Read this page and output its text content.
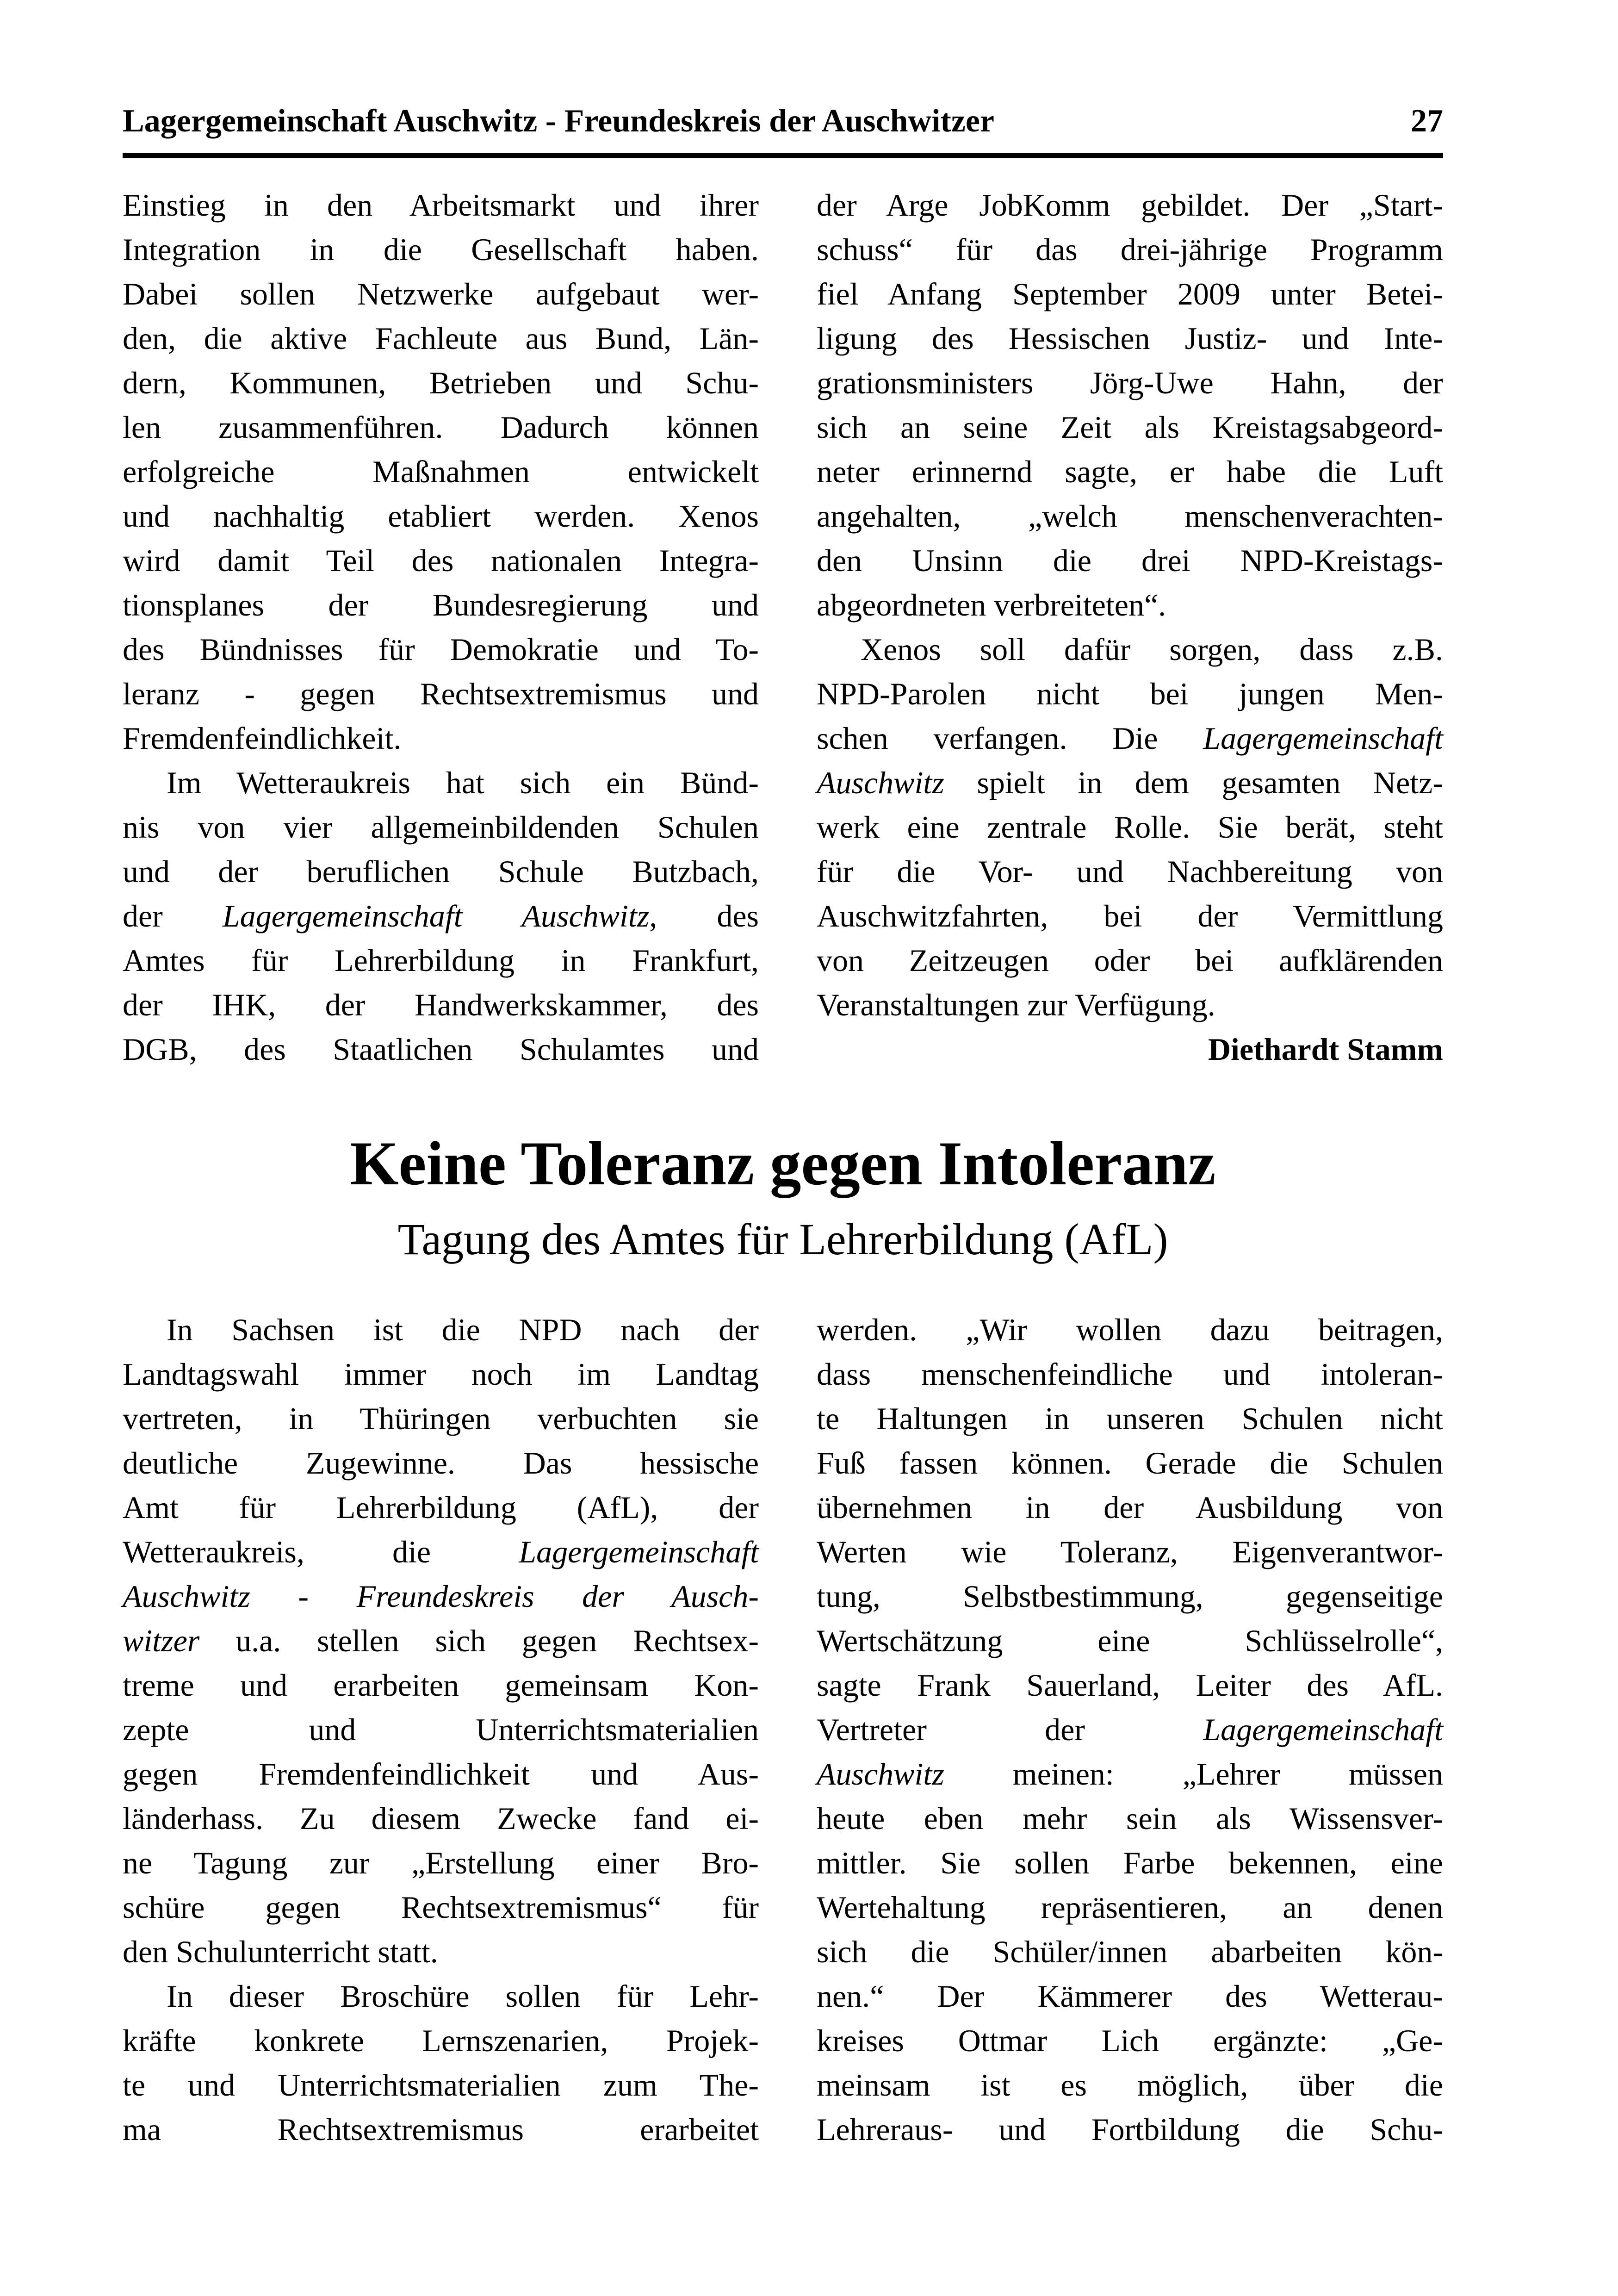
Lagergemeinschaft Auschwitz - Freundeskreis der Auschwitzer	27
Einstieg in den Arbeitsmarkt und ihrer
Integration in die Gesellschaft haben.
Dabei sollen Netzwerke aufgebaut wer-
den, die aktive Fachleute aus Bund, Län-
dern, Kommunen, Betrieben und Schu-
len zusammenführen. Dadurch können
erfolgreiche Maßnahmen entwickelt
und nachhaltig etabliert werden. Xenos
wird damit Teil des nationalen Integra-
tionsplanes der Bundesregierung und
des Bündnisses für Demokratie und To-
leranz - gegen Rechtsextremismus und
Fremdenfeindlichkeit.
Im Wetteraukreis hat sich ein Bünd-
nis von vier allgemeinbildenden Schulen
und der beruflichen Schule Butzbach,
der Lagergemeinschaft Auschwitz, des
Amtes für Lehrerbildung in Frankfurt,
der IHK, der Handwerkskammer, des
DGB, des Staatlichen Schulamtes und
der Arge JobKomm gebildet. Der „Start-
schuss“ für das drei-jährige Programm
fiel Anfang September 2009 unter Betei-
ligung des Hessischen Justiz- und Inte-
grationsministers Jörg-Uwe Hahn, der
sich an seine Zeit als Kreistagsabgeord-
neter erinnernd sagte, er habe die Luft
angehalten, „welch menschenverachten-
den Unsinn die drei NPD-Kreistags-
abgeordneten verbreiteten“.
Xenos soll dafür sorgen, dass z.B.
NPD-Parolen nicht bei jungen Men-
schen verfangen. Die Lagergemeinschaft
Auschwitz spielt in dem gesamten Netz-
werk eine zentrale Rolle. Sie berät, steht
für die Vor- und Nachbereitung von
Auschwitzfahrten, bei der Vermittlung
von Zeitzeugen oder bei aufklärenden
Veranstaltungen zur Verfügung.
Diethardt Stamm
Keine Toleranz gegen Intoleranz
Tagung des Amtes für Lehrerbildung (AfL)
In Sachsen ist die NPD nach der
Landtagswahl immer noch im Landtag
vertreten, in Thüringen verbuchten sie
deutliche Zugewinne. Das hessische
Amt für Lehrerbildung (AfL), der
Wetteraukreis, die Lagergemeinschaft
Auschwitz - Freundeskreis der Ausch-
witzer u.a. stellen sich gegen Rechtsex-
treme und erarbeiten gemeinsam Kon-
zepte und Unterrichtsmaterialien
gegen Fremdenfeindlichkeit und Aus-
länderhass. Zu diesem Zwecke fand ei-
ne Tagung zur „Erstellung einer Bro-
schüre gegen Rechtsextremismus“ für
den Schulunterricht statt.
In dieser Broschüre sollen für Lehr-
kräfte konkrete Lernszenarien, Projek-
te und Unterrichtsmaterialien zum The-
ma Rechtsextremismus erarbeitet
werden. „Wir wollen dazu beitragen,
dass menschenfeindliche und intoleran-
te Haltungen in unseren Schulen nicht
Fuß fassen können. Gerade die Schulen
übernehmen in der Ausbildung von
Werten wie Toleranz, Eigenverantwor-
tung, Selbstbestimmung, gegenseitige
Wertschätzung eine Schlüsselrolle“,
sagte Frank Sauerland, Leiter des AfL.
Vertreter der Lagergemeinschaft
Auschwitz meinen: „Lehrer müssen
heute eben mehr sein als Wissensver-
mittler. Sie sollen Farbe bekennen, eine
Wertehaltung repräsentieren, an denen
sich die Schüler/innen abarbeiten kön-
nen.“ Der Kämmerer des Wetterau-
kreises Ottmar Lich ergänzte: „Ge-
meinsam ist es möglich, über die
Lehreraus- und Fortbildung die Schu-
